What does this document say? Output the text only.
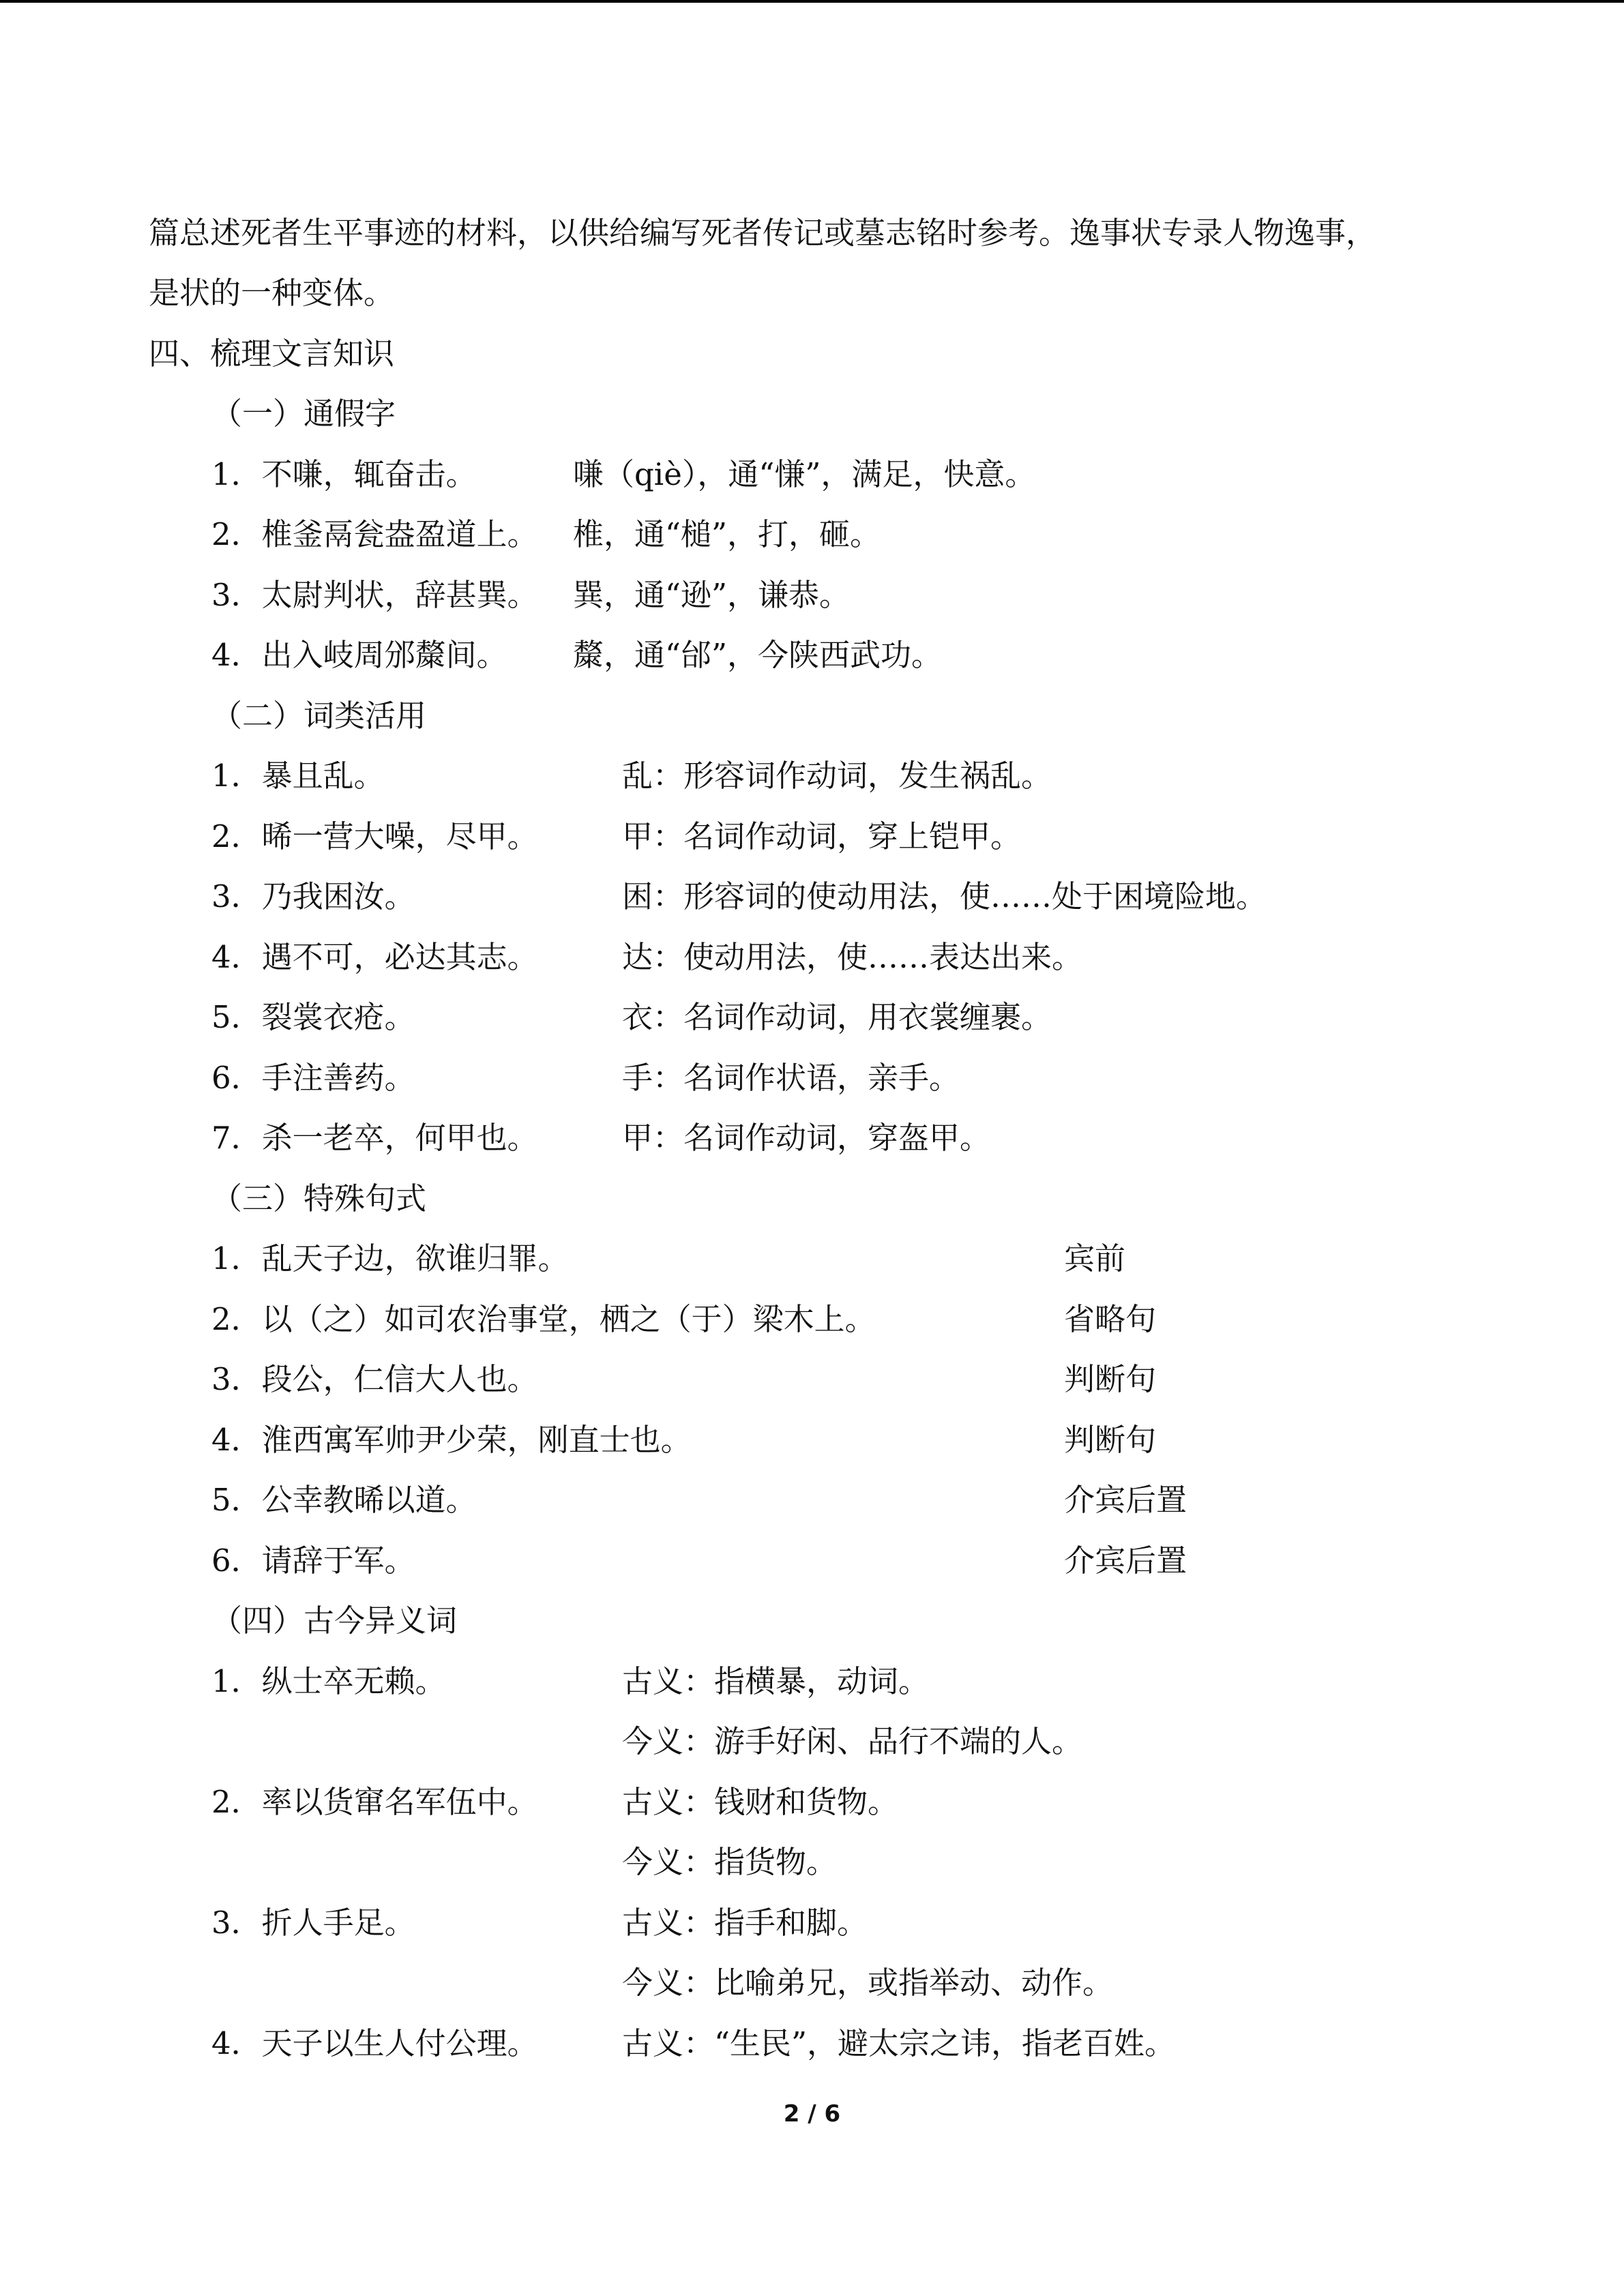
篇总述死者生平事迹的材料，以供给编写死者传记或墓志铭时参考。逸事状专录人物逸事，
是状的一种变体。
四、梳理文言知识
（一）通假字
1．不嗛，辄奋击。	嗛（qiè），通“慊”，满足，快意。
2．椎釜鬲瓮盎盈道上。 椎，通“槌”，打，砸。
3．太尉判状，辞甚巽。 巽，通“逊”，谦恭。
4．出入岐周邠斄间。 斄，通“邰”，今陕西武功。
（二）词类活用
1．暴且乱。	乱：形容词作动词，发生祸乱。
2．晞一营大噪，尽甲。	甲：名词作动词，穿上铠甲。
3．乃我困汝。	困：形容词的使动用法，使……处于困境险地。
4．遇不可，必达其志。	达：使动用法，使……表达出来。
5．裂裳衣疮。	衣：名词作动词，用衣裳缠裹。
6．手注善药。	手：名词作状语，亲手。
7．杀一老卒，何甲也。	甲：名词作动词，穿盔甲。
（三）特殊句式
1．乱天子边，欲谁归罪。	宾前
2．以（之）如司农治事堂，栖之（于）梁木上。	省略句
3．段公，仁信大人也。	判断句
4．淮西寓军帅尹少荣，刚直士也。	判断句
5．公幸教晞以道。	介宾后置
6．请辞于军。	介宾后置
（四）古今异义词
1．纵士卒无赖。	古义：指横暴，动词。
今义：游手好闲、品行不端的人。
2．率以货窜名军伍中。	古义：钱财和货物。
今义：指货物。
3．折人手足。	古义：指手和脚。
今义：比喻弟兄，或指举动、动作。
4．天子以生人付公理。	古义：“生民”，避太宗之讳，指老百姓。
2 / 6
